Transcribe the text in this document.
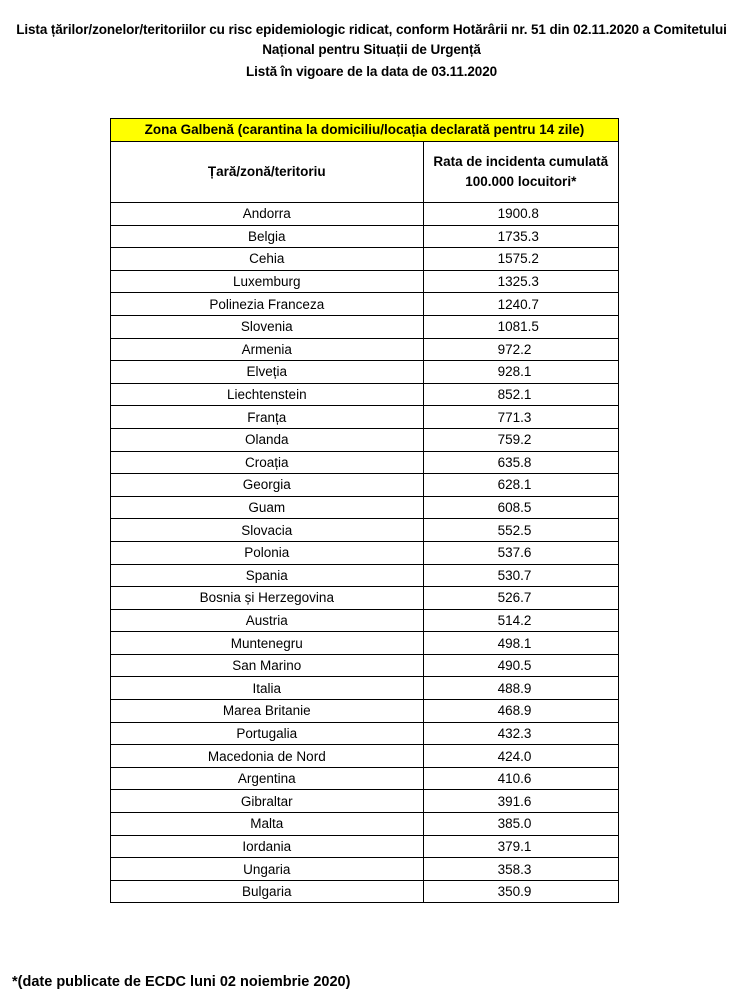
Lista țărilor/zonelor/teritoriilor cu risc epidemiologic ridicat, conform Hotărârii nr. 51 din 02.11.2020 a Comitetului
Național pentru Situații de Urgență
Listă în vigoare de la data de 03.11.2020
Zona Galbenă (carantina la domiciliu/locația declarată pentru 14 zile)	
Țară/zonă/teritoriu	Rata de incidenta cumulată
100.000 locuitori*
Andorra	1900.8
Belgia	1735.3
Cehia	1575.2
Luxemburg	1325.3
Polinezia Franceza	1240.7
Slovenia	1081.5
Armenia	972.2
Elveția	928.1
Liechtenstein	852.1
Franța	771.3
Olanda	759.2
Croația	635.8
Georgia	628.1
Guam	608.5
Slovacia	552.5
Polonia	537.6
Spania	530.7
Bosnia și Herzegovina	526.7
Austria	514.2
Muntenegru	498.1
San Marino	490.5
Italia	488.9
Marea Britanie	468.9
Portugalia	432.3
Macedonia de Nord	424.0
Argentina	410.6
Gibraltar	391.6
Malta	385.0
Iordania	379.1
Ungaria	358.3
Bulgaria	350.9
*(date publicate de ECDC luni 02 noiembrie 2020)
